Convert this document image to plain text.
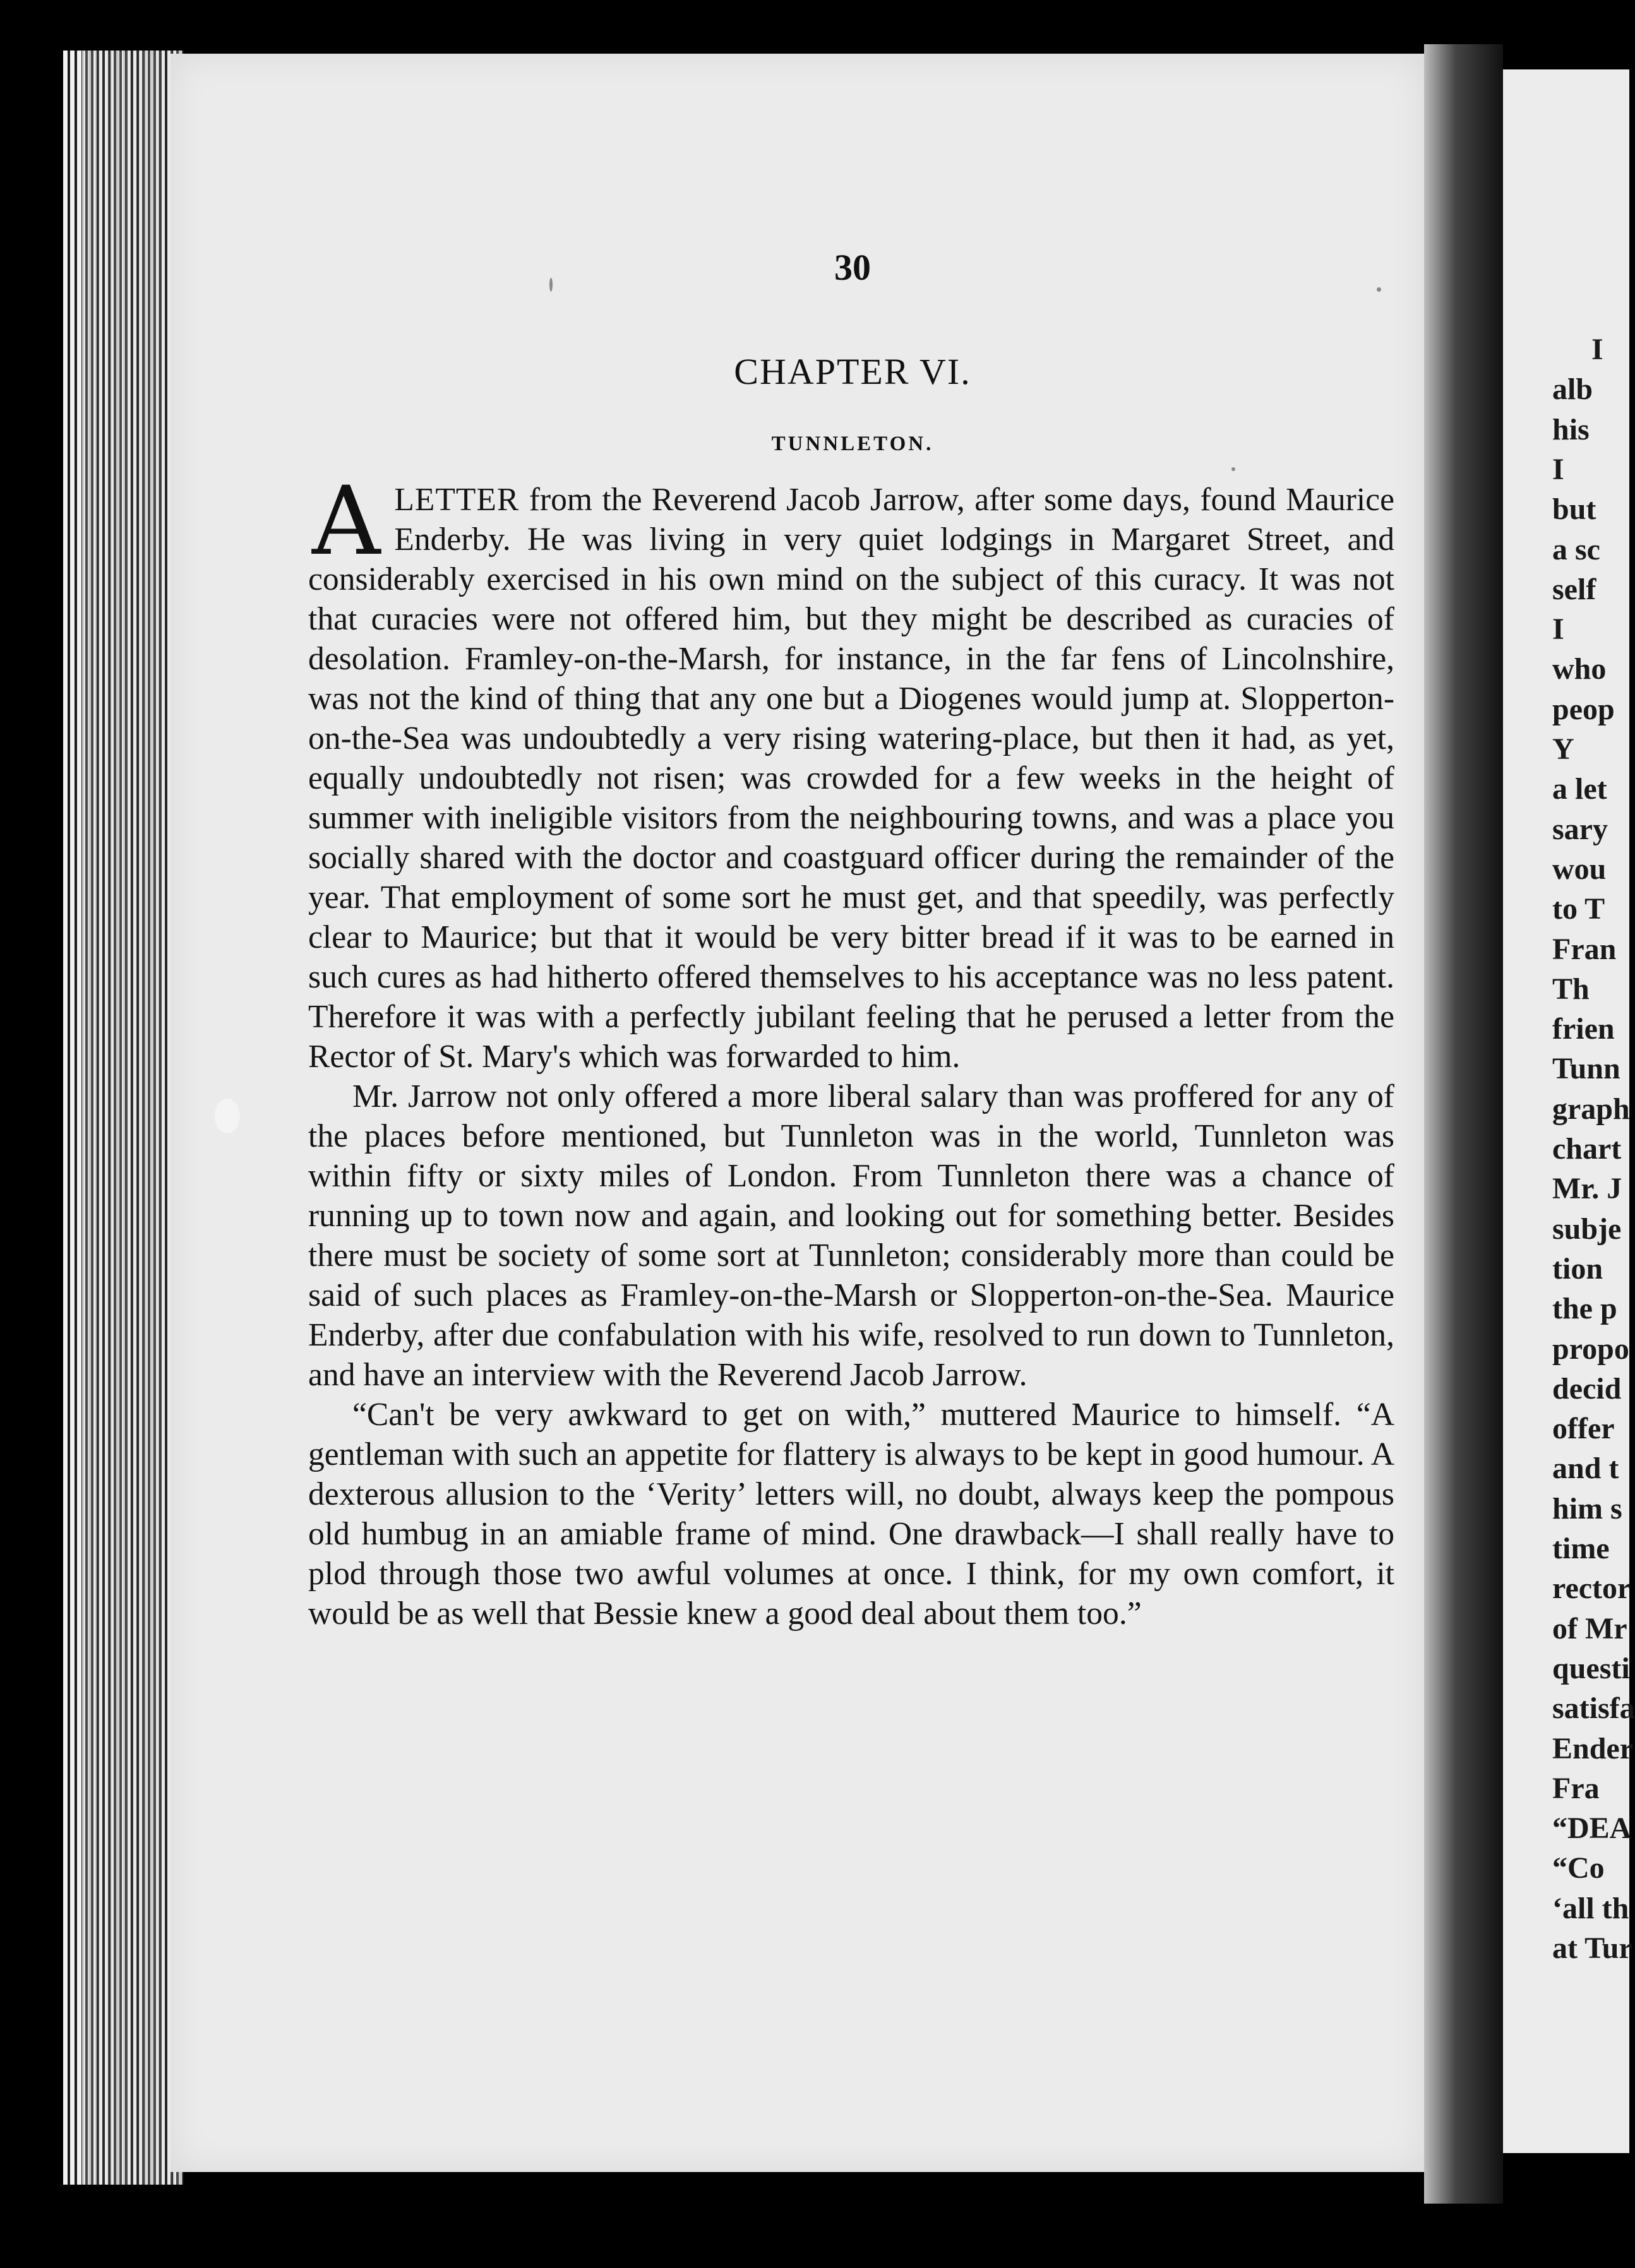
I
alb
his
I
but
a sc
self
I
who
peop
Y
a let
sary
wou
to T
Fran
Th
frien
Tunn
graph
chart
Mr. J
subje
tion
the p
propo
decid
offer
and t
him s
time
rector
of Mr
questi
satisfa
Ender
Fra
“DEA
“Co
‘all th
at Tur
30
CHAPTER VI.
TUNNLETON.

ALETTER from the Reverend Jacob Jarrow, after some days, found Maurice Enderby. He was living in very quiet lodgings in Margaret Street, and considerably exercised in his own mind on the subject of this curacy. It was not that curacies were not offered him, but they might be described as curacies of desolation. Framley-on-the-Marsh, for instance, in the far fens of Lincolnshire, was not the kind of thing that any one but a Diogenes would jump at. Slopperton-on-the-Sea was undoubtedly a very rising watering-place, but then it had, as yet, equally undoubtedly not risen; was crowded for a few weeks in the height of summer with ineligible visitors from the neighbouring towns, and was a place you socially shared with the doctor and coastguard officer during the remainder of the year. That employment of some sort he must get, and that speedily, was perfectly clear to Maurice; but that it would be very bitter bread if it was to be earned in such cures as had hitherto offered themselves to his acceptance was no less patent. Therefore it was with a perfectly jubilant feeling that he perused a letter from the Rector of St. Mary's which was forwarded to him.

Mr. Jarrow not only offered a more liberal salary than was proffered for any of the places before mentioned, but Tunnleton was in the world, Tunnleton was within fifty or sixty miles of London. From Tunnleton there was a chance of running up to town now and again, and looking out for something better. Besides there must be society of some sort at Tunnleton; considerably more than could be said of such places as Framley-on-the-Marsh or Slopperton-on-the-Sea. Maurice Enderby, after due confabulation with his wife, resolved to run down to Tunnleton, and have an interview with the Reverend Jacob Jarrow.

“Can't be very awkward to get on with,” muttered Maurice to himself. “A gentleman with such an appetite for flattery is always to be kept in good humour. A dexterous allusion to the ‘Verity’ letters will, no doubt, always keep the pompous old humbug in an amiable frame of mind. One drawback—I shall really have to plod through those two awful volumes at once. I think, for my own comfort, it would be as well that Bessie knew a good deal about them too.”
